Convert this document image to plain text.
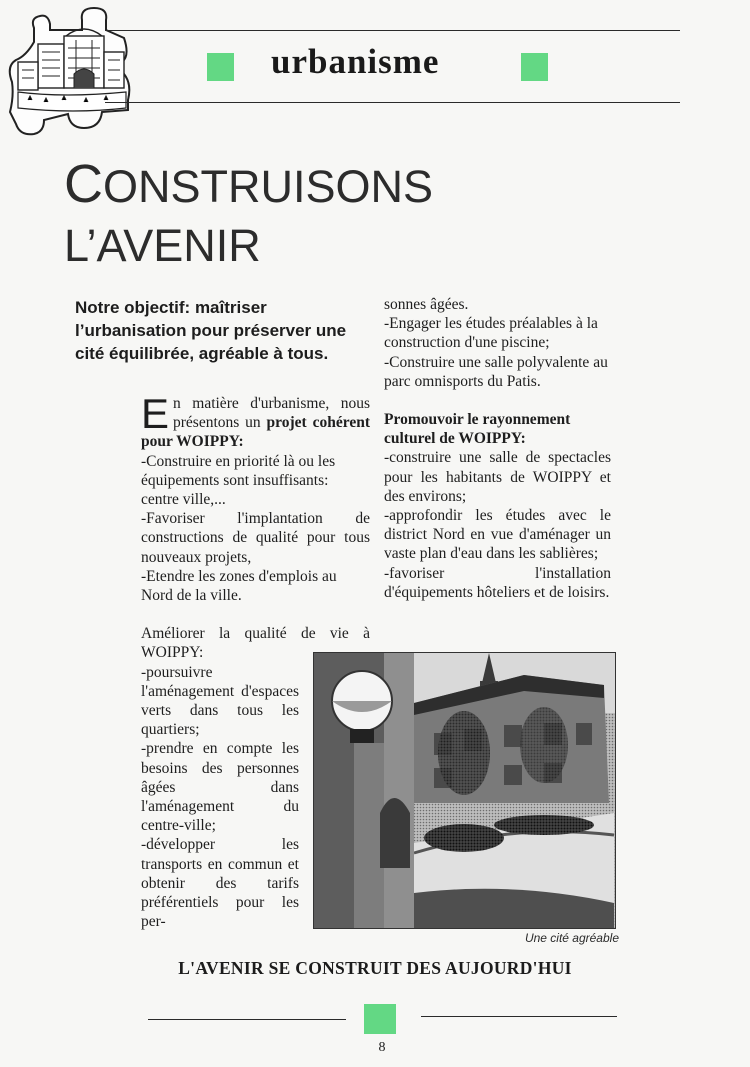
urbanisme
CONSTRUISONS
L’AVENIR
Notre objectif: maîtriser l’urbanisation pour préserver une cité équilibrée, agréable à tous.

En matière d'urbanisme, nous présentons un projet cohérent pour WOIPPY:

-Construire en priorité là ou les équipements sont insuffisants: centre ville,...

-Favoriser l'implantation de constructions de qualité pour tous nouveaux projets,

-Etendre les zones d'emplois au Nord de la ville.

Améliorer la qualité de vie à WOIPPY:

-poursuivre l'aménagement d'espaces verts dans tous les quartiers;

-prendre en compte les besoins des personnes âgées dans l'aménagement du centre-ville;

-développer les transports en commun et obtenir des tarifs préférentiels pour les per-

sonnes âgées.

-Engager les études préalables à la construction d'une piscine;

-Construire une salle polyvalente au parc omnisports du Patis.

Promouvoir le rayonnement culturel de WOIPPY:

-construire une salle de spectacles pour les habitants de WOIPPY et des environs;

-approfondir les études avec le district Nord en vue d'aménager un vaste plan d'eau dans les sablières;

-favoriser l'installation d'équipements hôteliers et de loisirs.

Une cité agréable
L'AVENIR SE CONSTRUIT DES AUJOURD'HUI
8
